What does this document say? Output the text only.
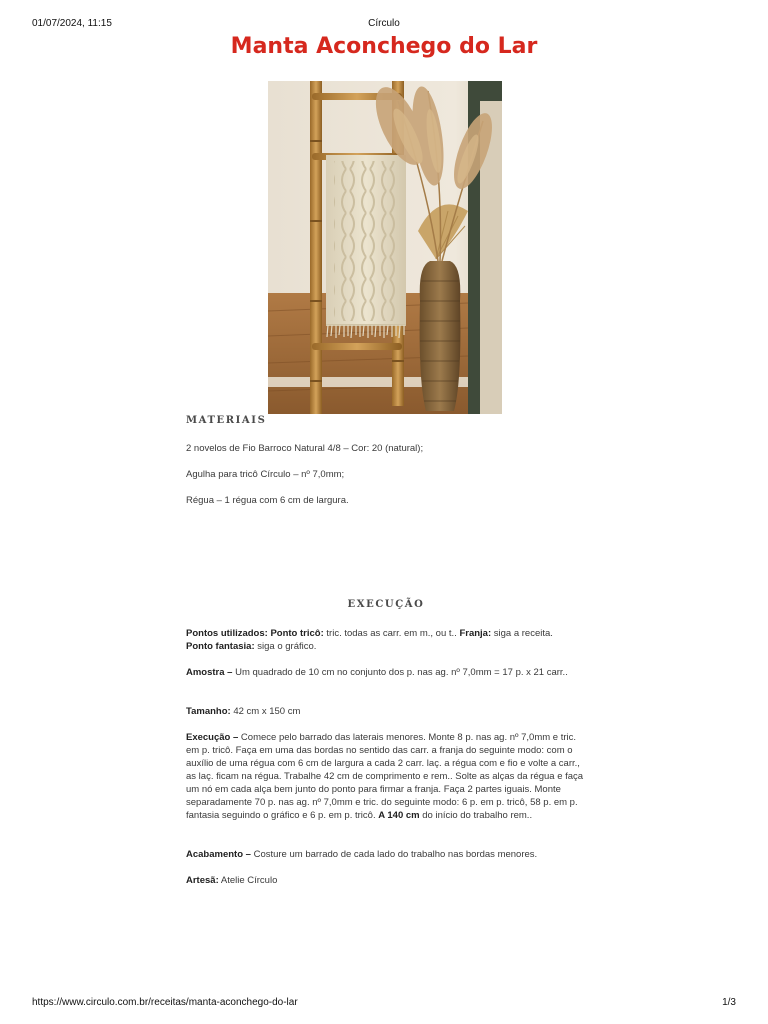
01/07/2024, 11:15	Círculo
Manta Aconchego do Lar
MATERIAIS

2 novelos de Fio Barroco Natural 4/8 – Cor: 20 (natural);

Agulha para tricô Círculo – nº 7,0mm;

Régua – 1 régua com 6 cm de largura.

EXECUÇÃO

Pontos utilizados: Ponto tricô: tric. todas as carr. em m., ou t.. Franja: siga a receita.
Ponto fantasia: siga o gráfico.

Amostra – Um quadrado de 10 cm no conjunto dos p. nas ag. nº 7,0mm = 17 p. x 21 carr..

Tamanho: 42 cm x 150 cm

Execução – Comece pelo barrado das laterais menores. Monte 8 p. nas ag. nº 7,0mm e tric. em p. tricô. Faça em uma das bordas no sentido das carr. a franja do seguinte modo: com o auxílio de uma régua com 6 cm de largura a cada 2 carr. laç. a régua com e fio e volte a carr., as laç. ficam na régua. Trabalhe 42 cm de comprimento e rem.. Solte as alças da régua e faça um nó em cada alça bem junto do ponto para firmar a franja. Faça 2 partes iguais. Monte separadamente 70 p. nas ag. nº 7,0mm e tric. do seguinte modo: 6 p. em p. tricô, 58 p. em p. fantasia seguindo o gráfico e 6 p. em p. tricô. A 140 cm do início do trabalho rem..

Acabamento – Costure um barrado de cada lado do trabalho nas bordas menores.

Artesã: Atelie Círculo

https://www.circulo.com.br/receitas/manta-aconchego-do-lar	1/3
